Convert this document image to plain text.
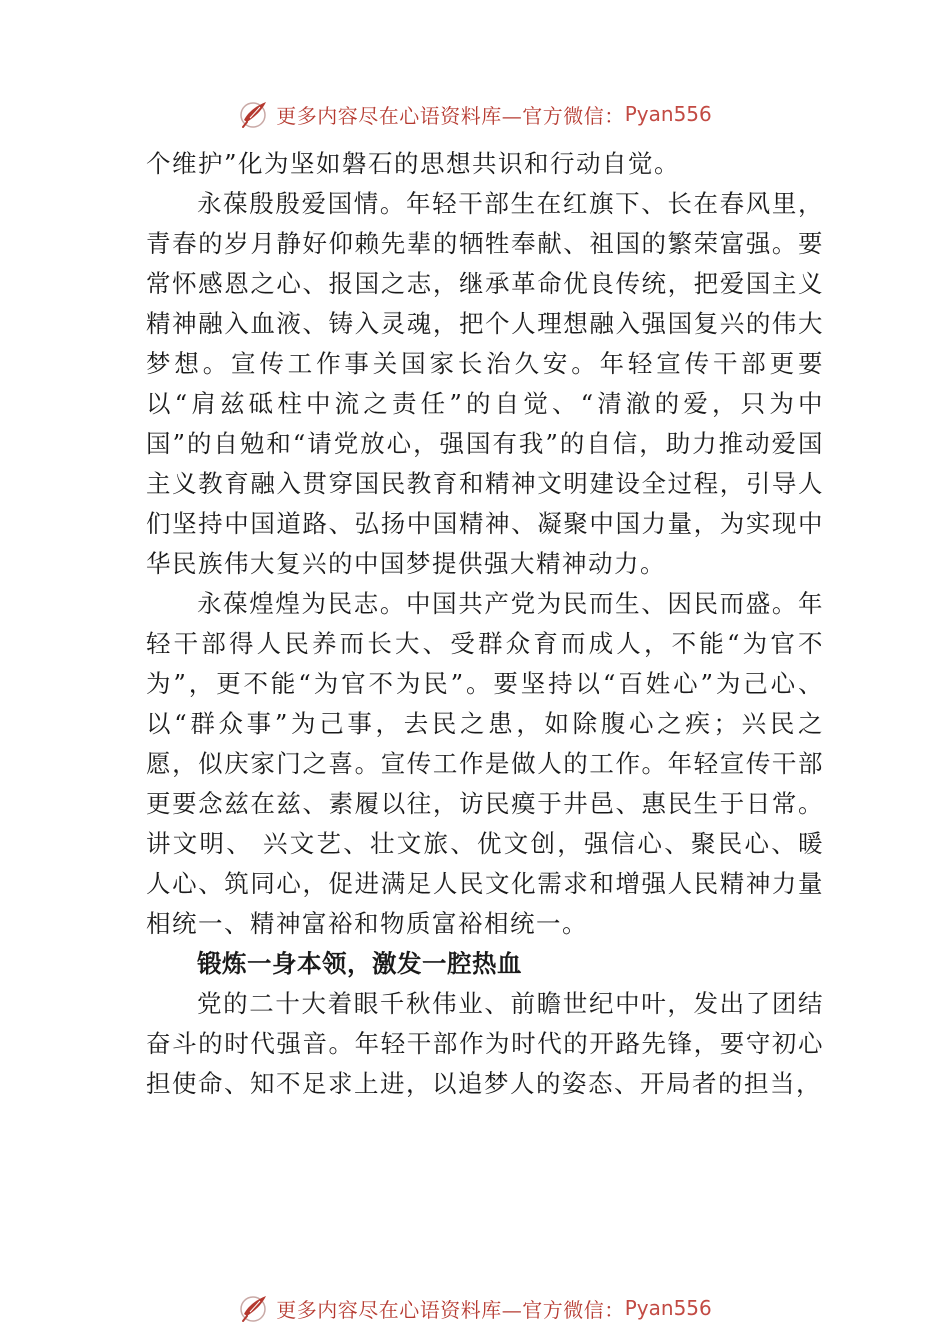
更多内容尽在心语资料库—官方微信： Pyan556

个维护”化为坚如磐石的思想共识和行动自觉。

永葆殷殷爱国情。年轻干部生在红旗下、长在春风里，青春的岁月静好仰赖先辈的牺牲奉献、祖国的繁荣富强。要常怀感恩之心、报国之志，继承革命优良传统，把爱国主义精神融入血液、铸入灵魂，把个人理想融入强国复兴的伟大梦想。宣传工作事关国家长治久安。年轻宣传干部更要以“肩兹砥柱中流之责任”的自觉、“清澈的爱，只为中国”的自勉和“请党放心，强国有我”的自信，助力推动爱国主义教育融入贯穿国民教育和精神文明建设全过程，引导人们坚持中国道路、弘扬中国精神、凝聚中国力量，为实现中华民族伟大复兴的中国梦提供强大精神动力。

永葆煌煌为民志。中国共产党为民而生、因民而盛。年轻干部得人民养而长大、受群众育而成人，不能“为官不为”，更不能“为官不为民”。要坚持以“百姓心”为己心、以“群众事”为己事，去民之患，如除腹心之疾；兴民之愿，似庆家门之喜。宣传工作是做人的工作。年轻宣传干部更要念兹在兹、素履以往，访民瘼于井邑、惠民生于日常。讲文明、 兴文艺、壮文旅、优文创，强信心、聚民心、暖人心、筑同心，促进满足人民文化需求和增强人民精神力量相统一、精神富裕和物质富裕相统一。

锻炼一身本领，激发一腔热血

党的二十大着眼千秋伟业、前瞻世纪中叶，发出了团结奋斗的时代强音。年轻干部作为时代的开路先锋，要守初心担使命、知不足求上进，以追梦人的姿态、开局者的担当，

更多内容尽在心语资料库—官方微信： Pyan556
